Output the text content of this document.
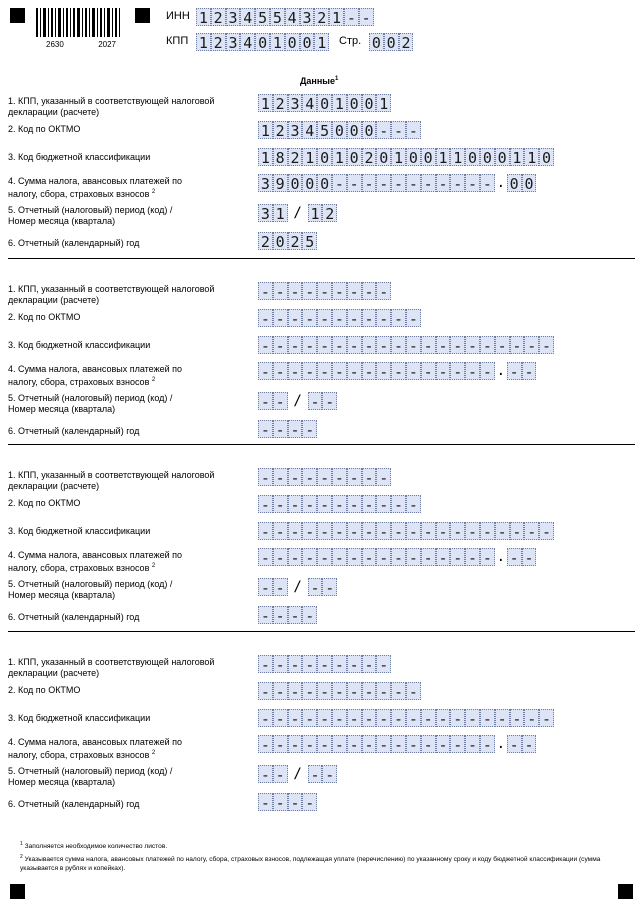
2630	2027
ИНН 1 2 3 4 5 5 4 3 2 1 - -
КПП 1 2 3 4 0 1 0 0 1 Стр. 0 0 2
Данные$^1$
1. КПП, указанный в соответствующей налоговой
декларации (расчете)
2. Код по ОКТМО
3. Код бюджетной классификации
4. Сумма налога, авансовых платежей по
налогу, сбора, страховых взносов $^2$
5. Отчетный (налоговый) период (код) /
Номер месяца (квартала)
6. Отчетный (календарный) год
1 2 3 4 0 1 0 0 1
1 2 3 4 5 0 0 0 - - -
1 8 2 1 0 1 0 2 0 1 0 0 1 1 0 0 0 1 1 0
3 9 0 0 0 - - - - - - - - - - - . 0 0
3 1 / 1 2
2 0 2 5
1. КПП, указанный в соответствующей налоговой
декларации (расчете)
2. Код по ОКТМО
3. Код бюджетной классификации
4. Сумма налога, авансовых платежей по
налогу, сбора, страховых взносов $^2$
5. Отчетный (налоговый) период (код) /
Номер месяца (квартала)
6. Отчетный (календарный) год
- - - - - - - - -
- - - - - - - - - - -
- - - - - - - - - - - - - - - - - - - -
- - - - - - - - - - - - - - - - . - -
- - / - -
- - - -
1. КПП, указанный в соответствующей налоговой
декларации (расчете)
2. Код по ОКТМО
3. Код бюджетной классификации
4. Сумма налога, авансовых платежей по
налогу, сбора, страховых взносов $^2$
5. Отчетный (налоговый) период (код) /
Номер месяца (квартала)
6. Отчетный (календарный) год
- - - - - - - - -
- - - - - - - - - - -
- - - - - - - - - - - - - - - - - - - -
- - - - - - - - - - - - - - - - . - -
- - / - -
- - - -
1. КПП, указанный в соответствующей налоговой
декларации (расчете)
2. Код по ОКТМО
3. Код бюджетной классификации
4. Сумма налога, авансовых платежей по
налогу, сбора, страховых взносов $^2$
5. Отчетный (налоговый) период (код) /
Номер месяца (квартала)
6. Отчетный (календарный) год
- - - - - - - - -
- - - - - - - - - - -
- - - - - - - - - - - - - - - - - - - -
- - - - - - - - - - - - - - - - . - -
- - / - -
- - - -
$^1$ Заполняется необходимое количество листов.
$^2$ Указывается сумма налога, авансовых платежей по налогу, сбора, страховых взносов, подлежащая уплате (перечислению) по указанному сроку и коду бюджетной классификации (сумма указывается в рублях и копейках).
